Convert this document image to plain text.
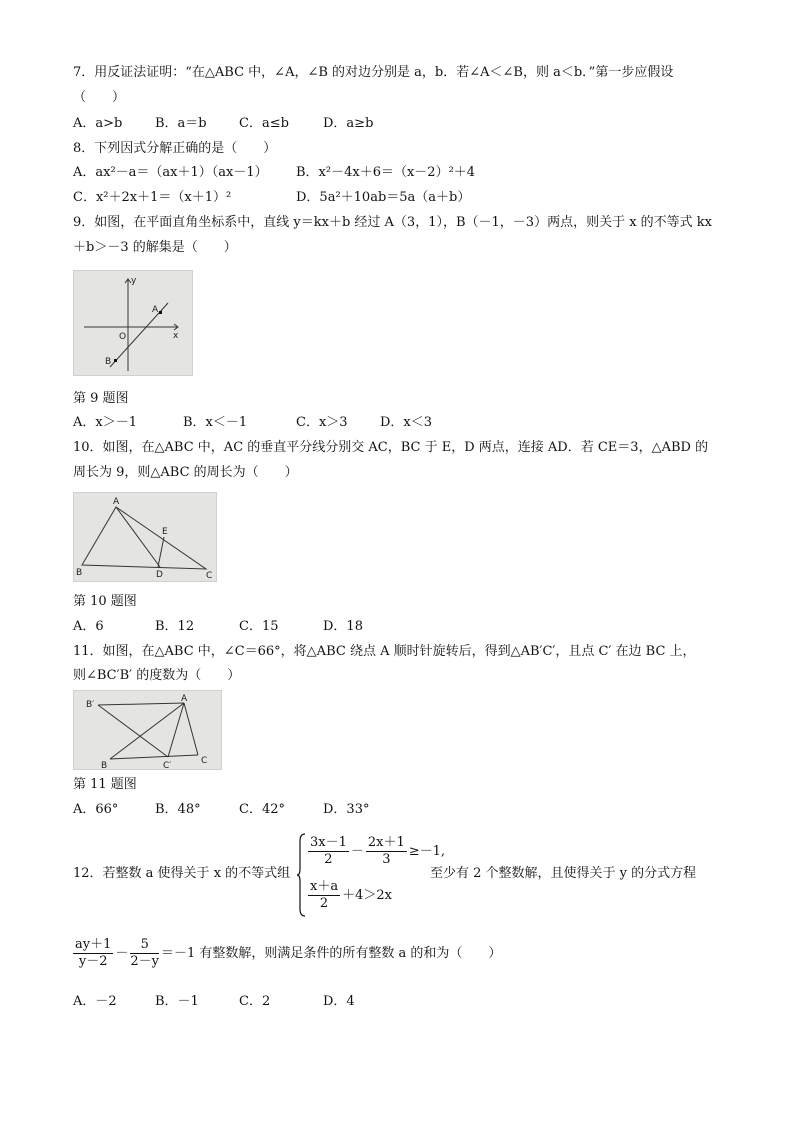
7．用反证法证明：“在△ABC 中，∠A，∠B 的对边分别是 a，b．若∠A＜∠B，则 a＜b．”第一步应假设
（　　）
A．a>b	B．a＝b C．a≤b	D．a≥b
8．下列因式分解正确的是（　　）
A．ax²－a＝（ax＋1）（ax－1） B．x²－4x＋6＝（x－2）²＋4
C．x²＋2x＋1＝（x＋1）²	D．5a²＋10ab＝5a（a＋b）
9．如图，在平面直角坐标系中，直线 y＝kx＋b 经过 A（3，1），B（－1，－3）两点，则关于 x 的不等式 kx
＋b＞－3 的解集是（　　）
y
x
O
A
B
第 9 题图
A．x＞－1	B．x＜－1	C．x＞3 D．x＜3
10．如图，在△ABC 中，AC 的垂直平分线分别交 AC，BC 于 E，D 两点，连接 AD．若 CE＝3，△ABD 的
周长为 9，则△ABC 的周长为（　　）
A
B	C
D
E
第 10 题图
A．6	B．12	C．15	D．18
11．如图，在△ABC 中，∠C＝66°，将△ABC 绕点 A 顺时针旋转后，得到△AB′C′，且点 C′ 在边 BC 上，
则∠BC′B′ 的度数为（　　）
B′
A
B	C′	C
第 11 题图
A．66°	B．48°	C．42°	D．33°
12．若整数 a 使得关于 x 的不等式组
$\frac{3x-1}{2} - \frac{2x+1}{3} \ge-1$,
$\frac{x+a}{2} +4>2x$
至少有 2 个整数解，且使得关于 y 的分式方程
$\frac{ay+1}{y-2} - \frac{5}{2-y} =-1$ 有整数解，则满足条件的所有整数 a 的和为（　　）
A．－2	B．－1	C．2	D．4
